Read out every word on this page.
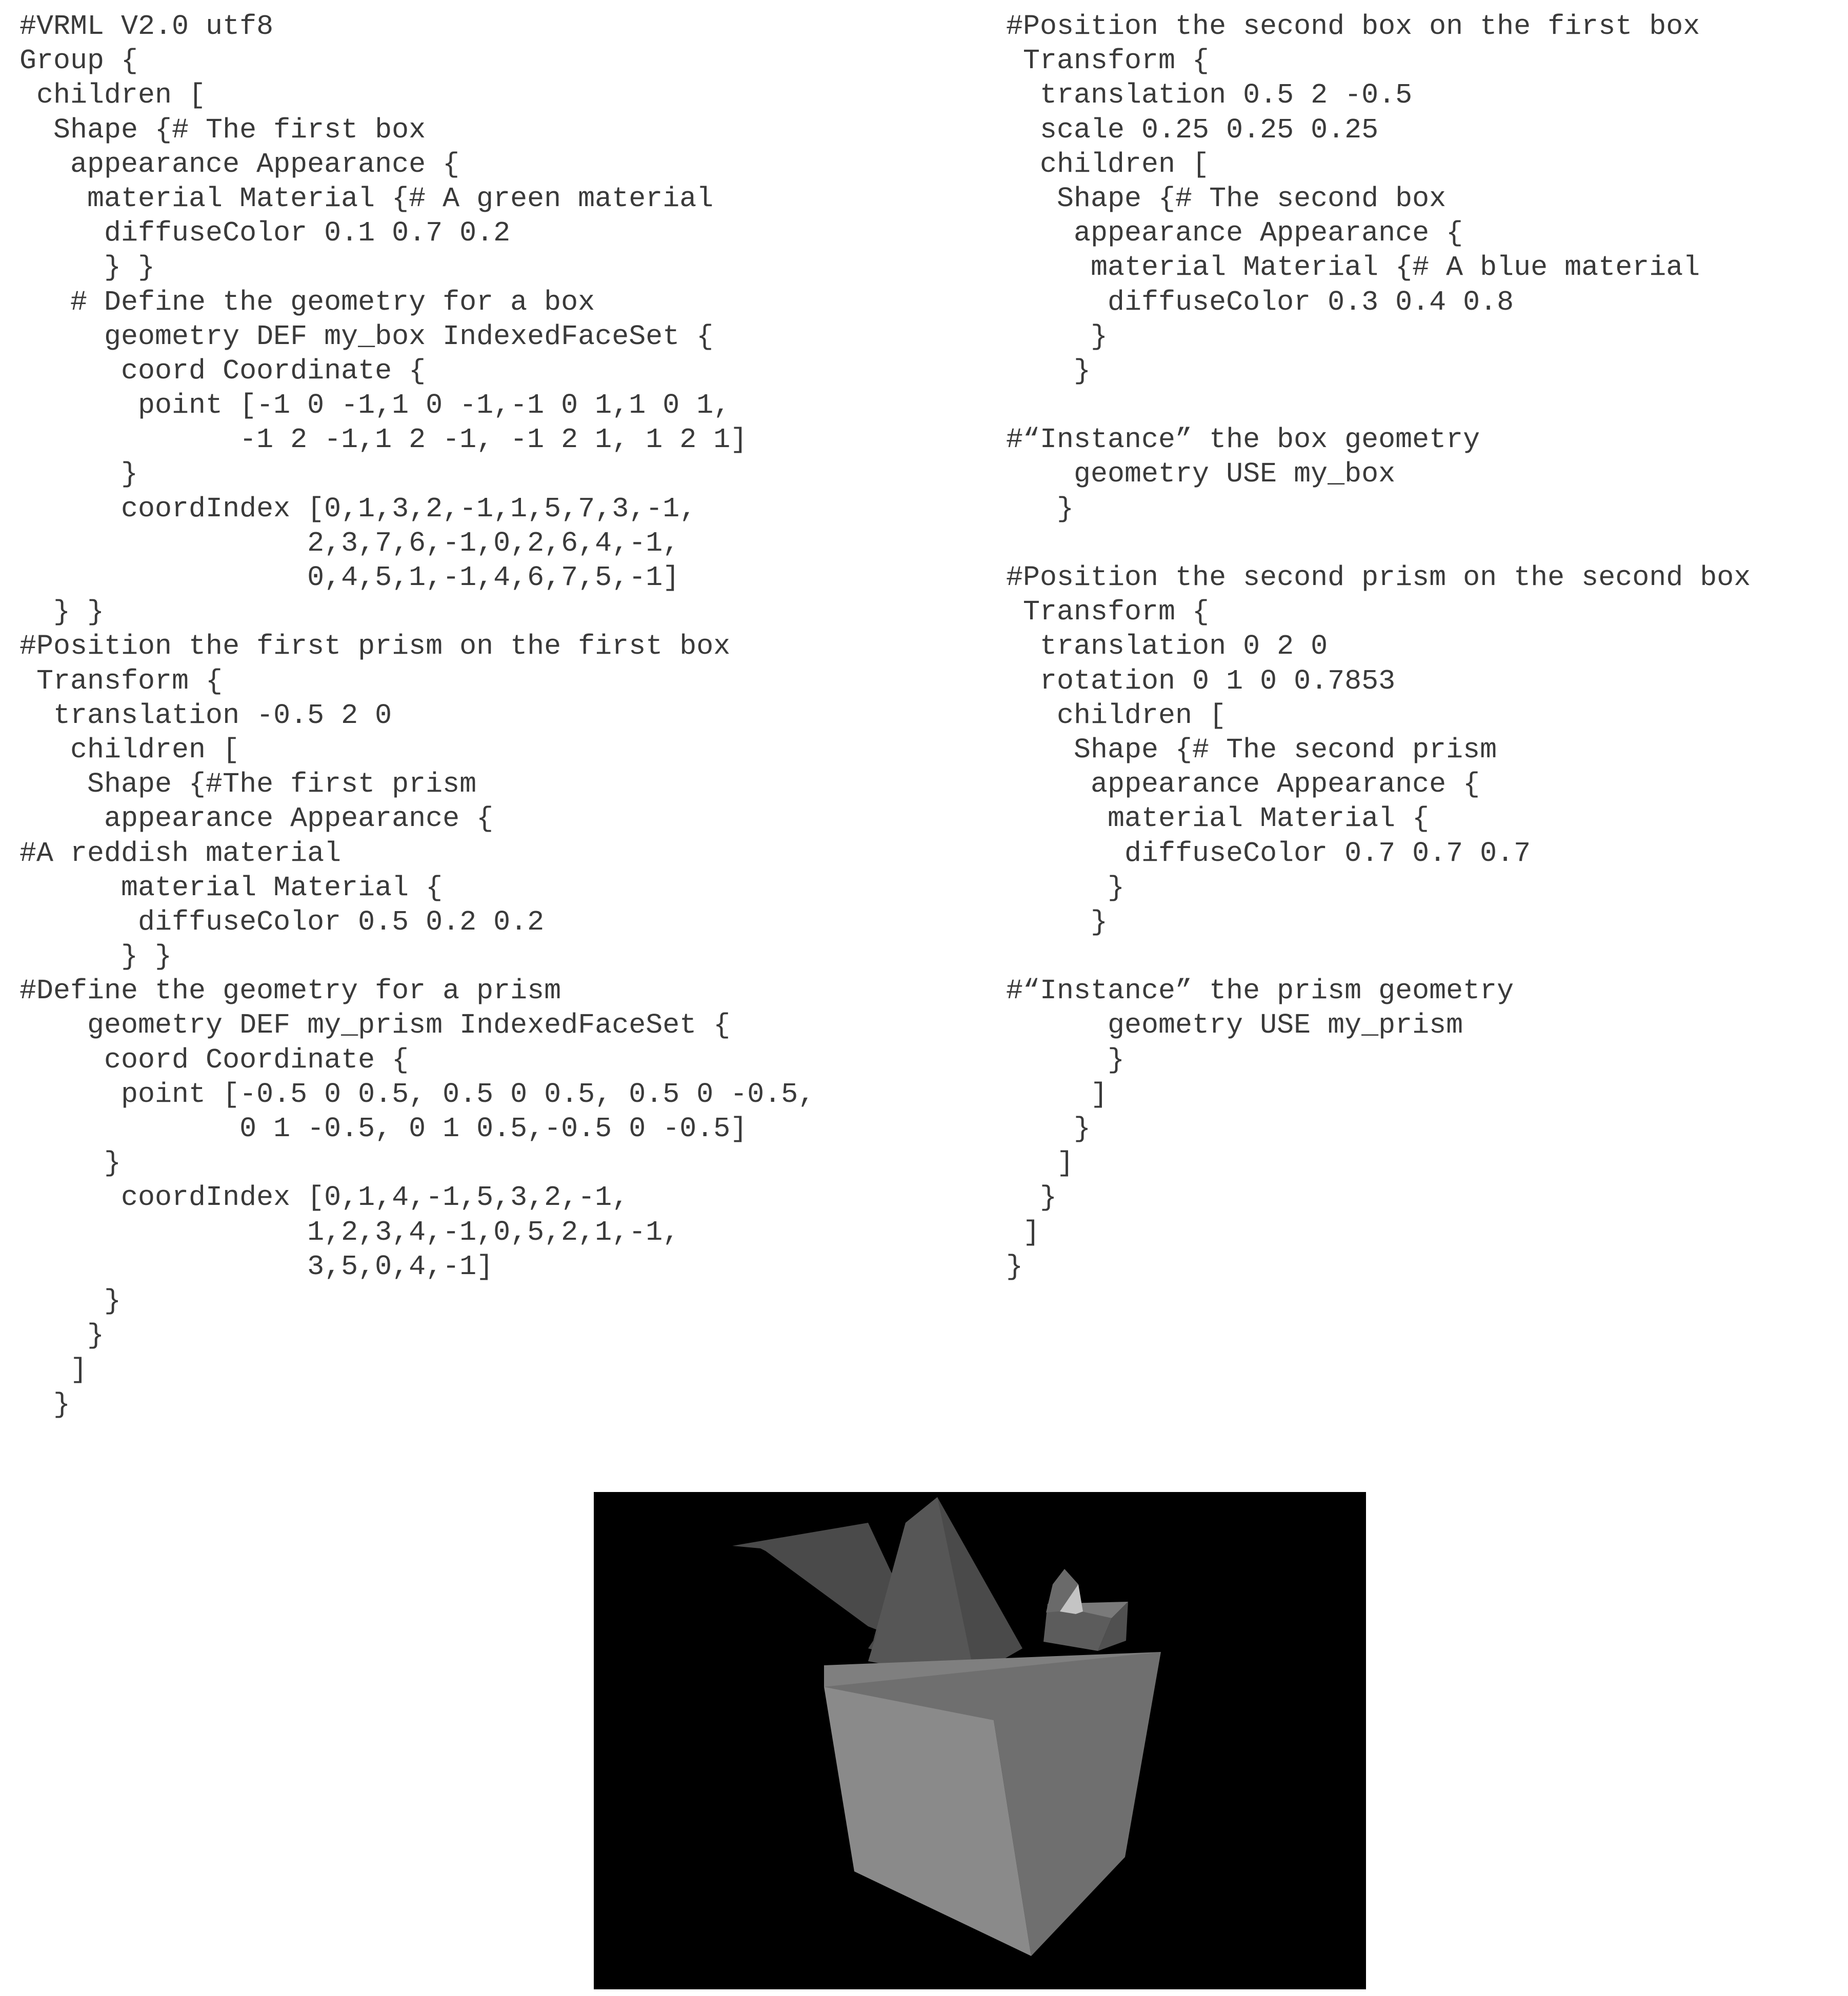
#VRML V2.0 utf8
Group {
children [
Shape {# The first box
appearance Appearance {
material Material {# A green material
diffuseColor 0.1 0.7 0.2
} }
# Define the geometry for a box
geometry DEF my_box IndexedFaceSet {
coord Coordinate {
point [-1 0 -1,1 0 -1,-1 0 1,1 0 1,
-1 2 -1,1 2 -1, -1 2 1, 1 2 1]
}
coordIndex [0,1,3,2,-1,1,5,7,3,-1,
2,3,7,6,-1,0,2,6,4,-1,
0,4,5,1,-1,4,6,7,5,-1]
} }
#Position the first prism on the first box
Transform {
translation -0.5 2 0
children [
Shape {#The first prism
appearance Appearance {
#A reddish material
material Material {
diffuseColor 0.5 0.2 0.2
} }
#Define the geometry for a prism
geometry DEF my_prism IndexedFaceSet {
coord Coordinate {
point [-0.5 0 0.5, 0.5 0 0.5, 0.5 0 -0.5,
0 1 -0.5, 0 1 0.5,-0.5 0 -0.5]
}
coordIndex [0,1,4,-1,5,3,2,-1,
1,2,3,4,-1,0,5,2,1,-1,
3,5,0,4,-1]
}
}
]
}
#Position the second box on the first box
Transform {
translation 0.5 2 -0.5
scale 0.25 0.25 0.25
children [
Shape {# The second box
appearance Appearance {
material Material {# A blue material
diffuseColor 0.3 0.4 0.8
}
}
#“Instance” the box geometry
geometry USE my_box
}
#Position the second prism on the second box
Transform {
translation 0 2 0
rotation 0 1 0 0.7853
children [
Shape {# The second prism
appearance Appearance {
material Material {
diffuseColor 0.7 0.7 0.7
}
}
#“Instance” the prism geometry
geometry USE my_prism
}
]
}
]
}
]
}
